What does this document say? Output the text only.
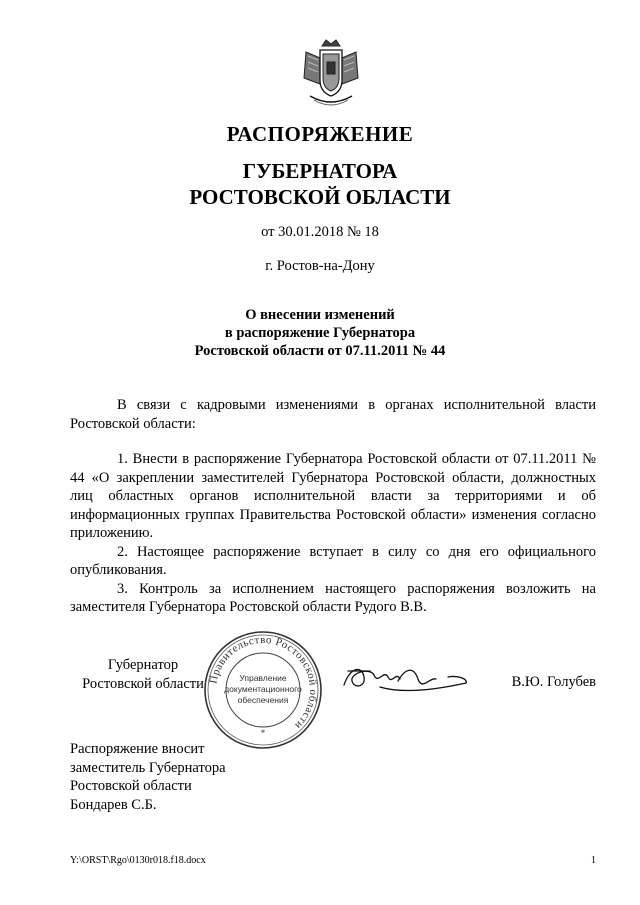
РАСПОРЯЖЕНИЕ
ГУБЕРНАТОРА
РОСТОВСКОЙ ОБЛАСТИ
от 30.01.2018 № 18
г. Ростов-на-Дону
О внесении изменений
в распоряжение Губернатора
Ростовской области от 07.11.2011 № 44
В связи с кадровыми изменениями в органах исполнительной власти Ростовской области:

1. Внести в распоряжение Губернатора Ростовской области от 07.11.2011 № 44 «О закреплении заместителей Губернатора Ростовской области, должностных лиц областных органов исполнительной власти за территориями и об информационных группах Правительства Ростовской области» изменения согласно приложению.

2. Настоящее распоряжение вступает в силу со дня его официального опубликования.

3. Контроль за исполнением настоящего распоряжения возложить на заместителя Губернатора Ростовской области Рудого В.В.

Губернатор
Ростовской области Правительство Ростовской области
Управление
документационного
обеспечения
*
В.Ю. Голубев
Распоряжение вносит
заместитель Губернатора
Ростовской области
Бондарев С.Б.
Y:\ORST\Rgo\0130r018.f18.docx	1
